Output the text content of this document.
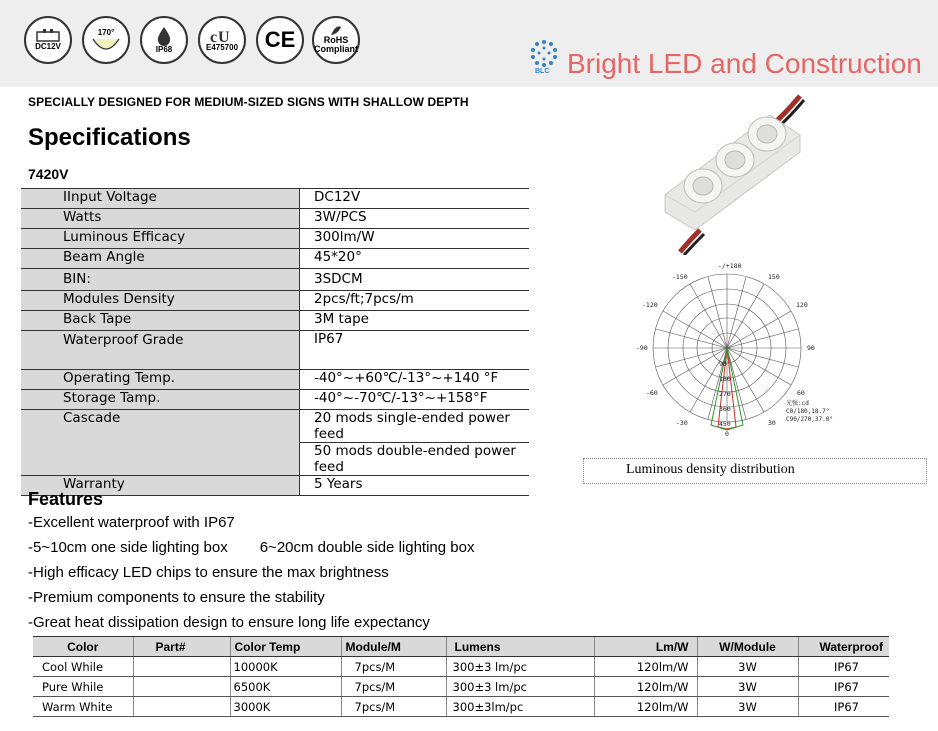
DC12V
170°
IP68
c U
E475700 CE	RoHS Compliant
BLC Bright LED and Construction
SPECIALLY DESIGNED FOR MEDIUM-SIZED SIGNS WITH SHALLOW DEPTH
Specifications
7420V
IInput Voltage	DC12V
Watts	3W/PCS
Luminous Efficacy	300lm/W
Beam Angle	45*20°
BIN:	3SDCM
Modules Density	2pcs/ft;7pcs/m
Back Tape	3M tape
Waterproof Grade	IP67
Operating Temp.	-40°~+60℃/-13°~+140 °F
Storage Tamp.	-40°~-70℃/-13°~+158°F
Cascade	20 mods single-ended power feed
	50 mods double-ended power feed
Warranty	5 Years
-/+180
-150	150
-120	120
-90	90
-60	60
-30	30
0
90
180
270
360
450
光强:cd
C0/180,18.7°
C90/270,37.0°
Luminous density distribution
Features
-Excellent waterproof with IP67
-5~10cm one side lighting box 6~20cm double side lighting box
-High efficacy LED chips to ensure the max brightness
-Premium components to ensure the stability
-Great heat dissipation design to ensure long life expectancy
Color	Part#	Color Temp	Module/M	Lumens	Lm/W	W/Module	Waterproof
Cool While		10000K	7pcs/M	300±3 lm/pc	120lm/W	3W	IP67
Pure While		6500K	7pcs/M	300±3 lm/pc	120lm/W	3W	IP67
Warm White		3000K	7pcs/M	300±3lm/pc	120lm/W	3W	IP67
